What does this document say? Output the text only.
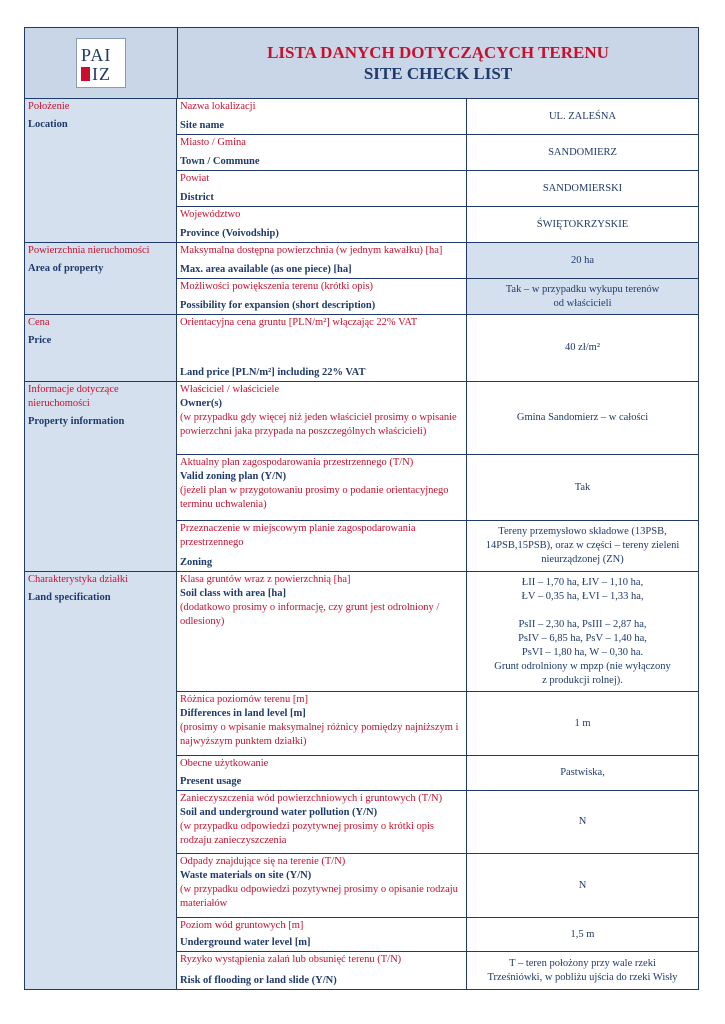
PAI
IZ
LISTA DANYCH DOTYCZĄCYCH TERENU
SITE CHECK LIST
Położenie
Location
Nazwa lokalizacji
Site name
UL. ZALEŚNA
Miasto / Gmina
Town / Commune
SANDOMIERZ
Powiat
District
SANDOMIERSKI
Województwo
Province (Voivodship)
ŚWIĘTOKRZYSKIE
Powierzchnia nieruchomości
Area of property
Maksymalna dostępna powierzchnia (w jednym kawałku) [ha]
Max. area available (as one piece) [ha]
20 ha
Możliwości powiększenia terenu (krótki opis)
Possibility for expansion (short description)
Tak – w przypadku wykupu terenów
od właścicieli
Cena
Price
Orientacyjna cena gruntu [PLN/m²] włączając 22% VAT
Land price [PLN/m²] including 22% VAT
40 zł/m²
Informacje dotyczące nieruchomości
Property information
Właściciel / właściciele
Owner(s)
(w przypadku gdy więcej niż jeden właściciel prosimy o wpisanie powierzchni jaka przypada na poszczególnych właścicieli)
Gmina Sandomierz – w całości
Aktualny plan zagospodarowania przestrzennego (T/N)
Valid zoning plan (Y/N)
(jeżeli plan w przygotowaniu prosimy o podanie orientacyjnego terminu uchwalenia)
Tak
Przeznaczenie w miejscowym planie zagospodarowania przestrzennego
Zoning
Tereny przemysłowo składowe (13PSB,
14PSB,15PSB), oraz w części – tereny zieleni
nieurządzonej (ZN)
Charakterystyka działki
Land specification
Klasa gruntów wraz z powierzchnią [ha]
Soil class with area [ha]
(dodatkowo prosimy o informację, czy grunt jest odrolniony / odlesiony)
ŁII – 1,70 ha, ŁIV – 1,10 ha,
ŁV – 0,35 ha, ŁVI – 1,33 ha,
PsII – 2,30 ha, PsIII – 2,87 ha,
PsIV – 6,85 ha, PsV – 1,40 ha,
PsVI – 1,80 ha, W – 0,30 ha.
Grunt odrolniony w mpzp (nie wyłączony
z produkcji rolnej).
Różnica poziomów terenu [m]
Differences in land level [m]
(prosimy o wpisanie maksymalnej różnicy pomiędzy najniższym i najwyższym punktem działki)
1 m
Obecne użytkowanie
Present usage
Pastwiska,
Zanieczyszczenia wód powierzchniowych i gruntowych (T/N)
Soil and underground water pollution (Y/N)
(w przypadku odpowiedzi pozytywnej prosimy o krótki opis rodzaju zanieczyszczenia
N
Odpady znajdujące się na terenie (T/N)
Waste materials on site (Y/N)
(w przypadku odpowiedzi pozytywnej prosimy o opisanie rodzaju materiałów
N
Poziom wód gruntowych [m]
Underground water level [m]
1,5 m
Ryzyko wystąpienia zalań lub obsunięć terenu (T/N)
Risk of flooding or land slide (Y/N)
T – teren położony przy wale rzeki
Trześniówki, w pobliżu ujścia do rzeki Wisły
